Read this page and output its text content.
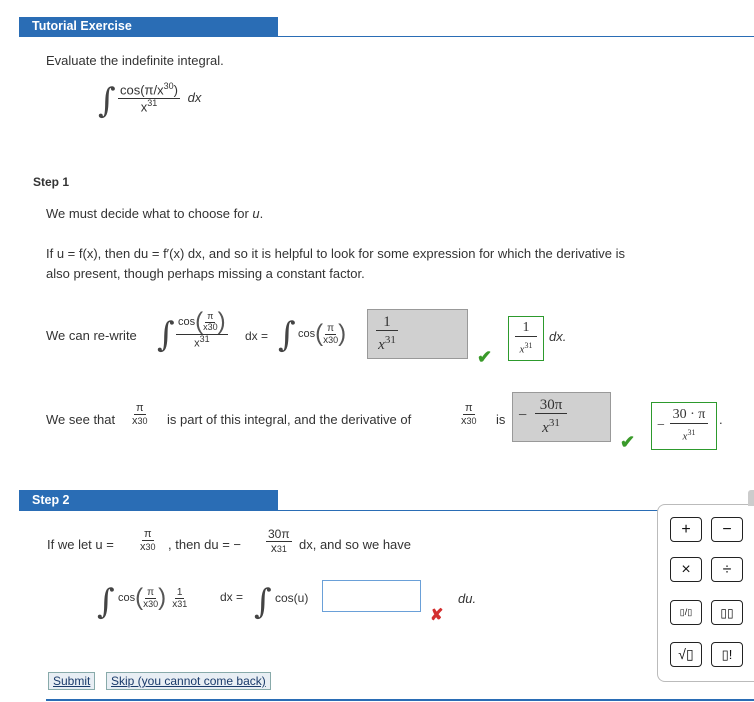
Tutorial Exercise
Evaluate the indefinite integral.
∫ $\frac{\cos(\pi/x^{30})}{x^{31}}$ dx
Step 1
We must decide what to choose for u.
If u = f(x), then du = f′(x) dx, and so it is helpful to look for some expression for which the derivative is
also present, though perhaps missing a constant factor.
We can re-write ∫ $\frac{\cos( \frac{\pi}{x30} )}{x^{31}}$ dx = ∫ $\cos( \frac{\pi}{x30}$ )	1
$x^{31}$
✔
1
$x^{31}$
dx.
We see that $\frac{\pi}{x30}$ is part of this integral, and the derivative of	$\frac{\pi}{x30}$ is −
30π
$x^{31}$
✔
−
30 · π
$x^{31}$
.
Step 2
If we let $u = \frac{\pi}{x30}$ , then du = − $\frac{30\pi}{x31}$ dx, and so we have
∫ $\cos( \frac{\pi}{x30}$ ) $\frac{1}{x31}$	dx = ∫ cos(u)
✘
du.
Submit	Skip (you cannot come back)
+	−
×	÷
▯/▯	▯▯
√▯	▯!
